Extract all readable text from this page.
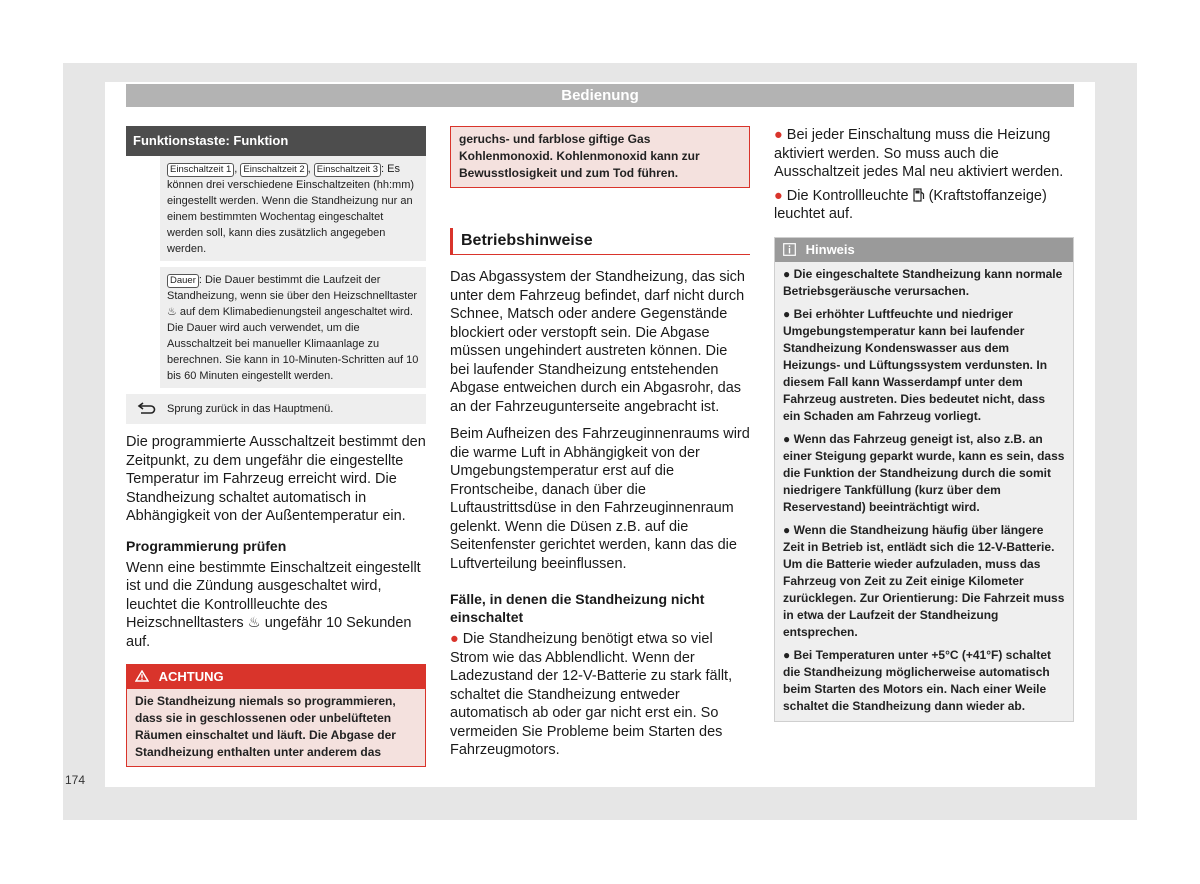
Bedienung
Funktionstaste: Funktion
Einschaltzeit 1 , Einschaltzeit 2 , Einschaltzeit 3 : Es können drei verschiedene Einschaltzeiten (hh:mm) eingestellt werden. Wenn die Standheizung nur an einem bestimmten Wochentag eingeschaltet werden soll, kann dies zusätzlich angegeben werden.
Dauer : Die Dauer bestimmt die Laufzeit der Standheizung, wenn sie über den Heizschnelltaster ♨ auf dem Klimabedienungsteil angeschaltet wird. Die Dauer wird auch verwendet, um die Ausschaltzeit bei manueller Klimaanlage zu berechnen. Sie kann in 10-Minuten-Schritten auf 10 bis 60 Minuten eingestellt werden.
Sprung zurück in das Hauptmenü.
Die programmierte Ausschaltzeit bestimmt den Zeitpunkt, zu dem ungefähr die eingestellte Temperatur im Fahrzeug erreicht wird. Die Standheizung schaltet automatisch in Abhängigkeit von der Außentemperatur ein.
Programmierung prüfen
Wenn eine bestimmte Einschaltzeit eingestellt ist und die Zündung ausgeschaltet wird, leuchtet die Kontrollleuchte des Heizschnelltasters ♨ ungefähr 10 Sekunden auf.
ACHTUNG
Die Standheizung niemals so programmieren, dass sie in geschlossenen oder unbelüfteten Räumen einschaltet und läuft. Die Abgase der Standheizung enthalten unter anderem das
geruchs- und farblose giftige Gas Kohlenmonoxid. Kohlenmonoxid kann zur Bewusstlosigkeit und zum Tod führen.
Betriebshinweise
Das Abgassystem der Standheizung, das sich unter dem Fahrzeug befindet, darf nicht durch Schnee, Matsch oder andere Gegenstände blockiert oder verstopft sein. Die Abgase müssen ungehindert austreten können. Die bei laufender Standheizung entstehenden Abgase entweichen durch ein Abgasrohr, das an der Fahrzeugunterseite angebracht ist.
Beim Aufheizen des Fahrzeuginnenraums wird die warme Luft in Abhängigkeit von der Umgebungstemperatur erst auf die Frontscheibe, danach über die Luftaustrittsdüse in den Fahrzeuginnenraum gelenkt. Wenn die Düsen z.B. auf die Seitenfenster gerichtet werden, kann das die Luftverteilung beeinflussen.
Fälle, in denen die Standheizung nicht einschaltet
● Die Standheizung benötigt etwa so viel Strom wie das Abblendlicht. Wenn der Ladezustand der 12-V-Batterie zu stark fällt, schaltet die Standheizung entweder automatisch ab oder gar nicht erst ein. So vermeiden Sie Probleme beim Starten des Fahrzeugmotors.
● Bei jeder Einschaltung muss die Heizung aktiviert werden. So muss auch die Ausschaltzeit jedes Mal neu aktiviert werden.
● Die Kontrollleuchte  (Kraftstoffanzeige) leuchtet auf.
Hinweis
● Die eingeschaltete Standheizung kann normale Betriebsgeräusche verursachen.
● Bei erhöhter Luftfeuchte und niedriger Umgebungstemperatur kann bei laufender Standheizung Kondenswasser aus dem Heizungs- und Lüftungssystem verdunsten. In diesem Fall kann Wasserdampf unter dem Fahrzeug austreten. Dies bedeutet nicht, dass ein Schaden am Fahrzeug vorliegt.
● Wenn das Fahrzeug geneigt ist, also z.B. an einer Steigung geparkt wurde, kann es sein, dass die Funktion der Standheizung durch die somit niedrigere Tankfüllung (kurz über dem Reservestand) beeinträchtigt wird.
● Wenn die Standheizung häufig über längere Zeit in Betrieb ist, entlädt sich die 12-V-Batterie. Um die Batterie wieder aufzuladen, muss das Fahrzeug von Zeit zu Zeit einige Kilometer zurücklegen. Zur Orientierung: Die Fahrzeit muss in etwa der Laufzeit der Standheizung entsprechen.
● Bei Temperaturen unter +5°C (+41°F) schaltet die Standheizung möglicherweise automatisch beim Starten des Motors ein. Nach einer Weile schaltet die Standheizung dann wieder ab.
174
